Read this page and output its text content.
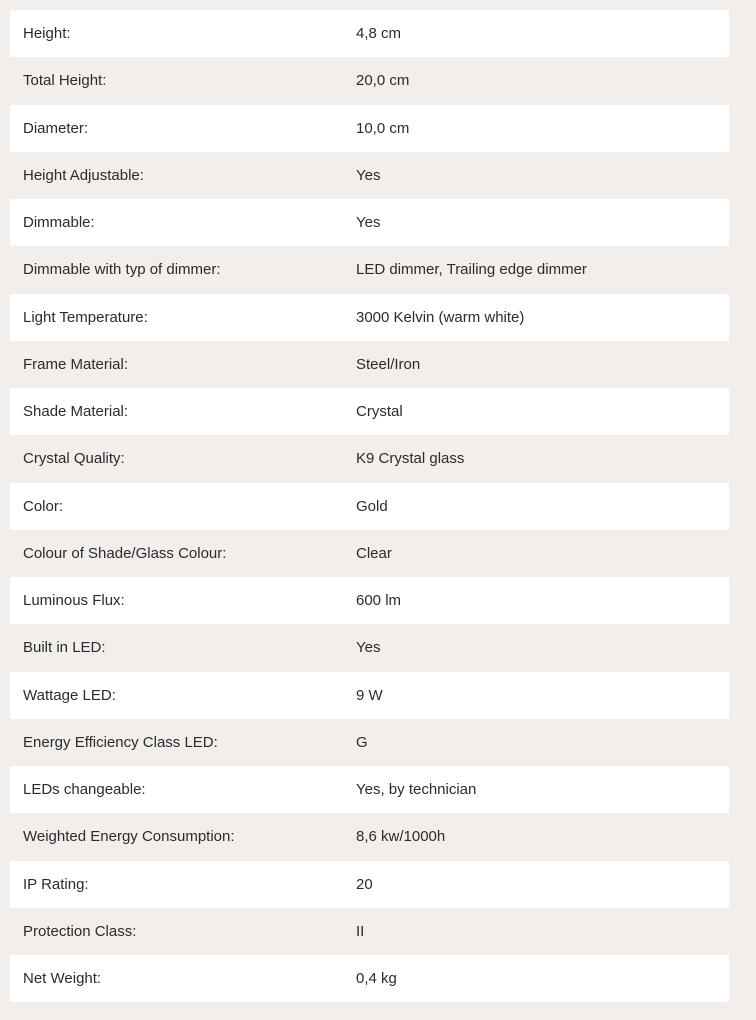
Height:	4,8 cm
Total Height:	20,0 cm
Diameter:	10,0 cm
Height Adjustable:	Yes
Dimmable:	Yes
Dimmable with typ of dimmer:	LED dimmer, Trailing edge dimmer
Light Temperature:	3000 Kelvin (warm white)
Frame Material:	Steel/Iron
Shade Material:	Crystal
Crystal Quality:	K9 Crystal glass
Color:	Gold
Colour of Shade/Glass Colour:	Clear
Luminous Flux:	600 lm
Built in LED:	Yes
Wattage LED:	9 W
Energy Efficiency Class LED:	G
LEDs changeable:	Yes, by technician
Weighted Energy Consumption:	8,6 kw/1000h
IP Rating:	20
Protection Class:	II
Net Weight:	0,4 kg
